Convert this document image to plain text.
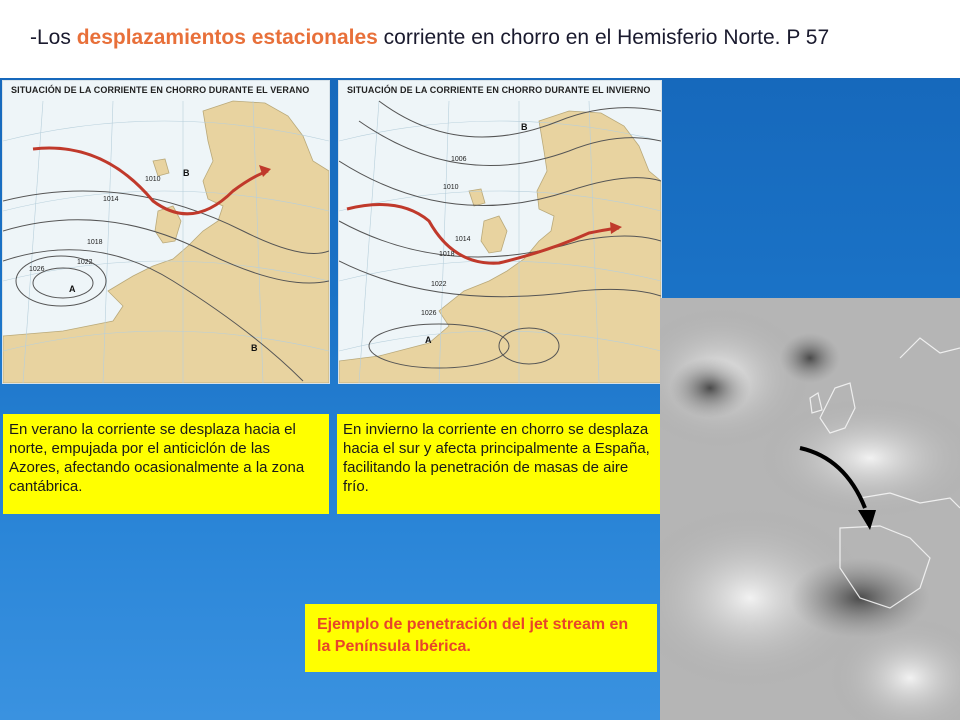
-Los desplazamientos estacionales corriente en chorro en el Hemisferio Norte. P 57
1010
1014
1018
1022
1026
B
A
B
SITUACIÓN DE LA CORRIENTE EN CHORRO DURANTE EL VERANO
1006
1010
1014
1018
1022
1026
B
A
SITUACIÓN DE LA CORRIENTE EN CHORRO DURANTE EL INVIERNO
En verano la corriente se desplaza hacia el norte, empujada por el anticiclón de las Azores, afectando ocasionalmente a la zona cantábrica.
En invierno la corriente en chorro se desplaza hacia el sur y afecta principalmente a España, facilitando la penetración de masas de aire frío.
Ejemplo de penetración del jet stream en la Península Ibérica.
